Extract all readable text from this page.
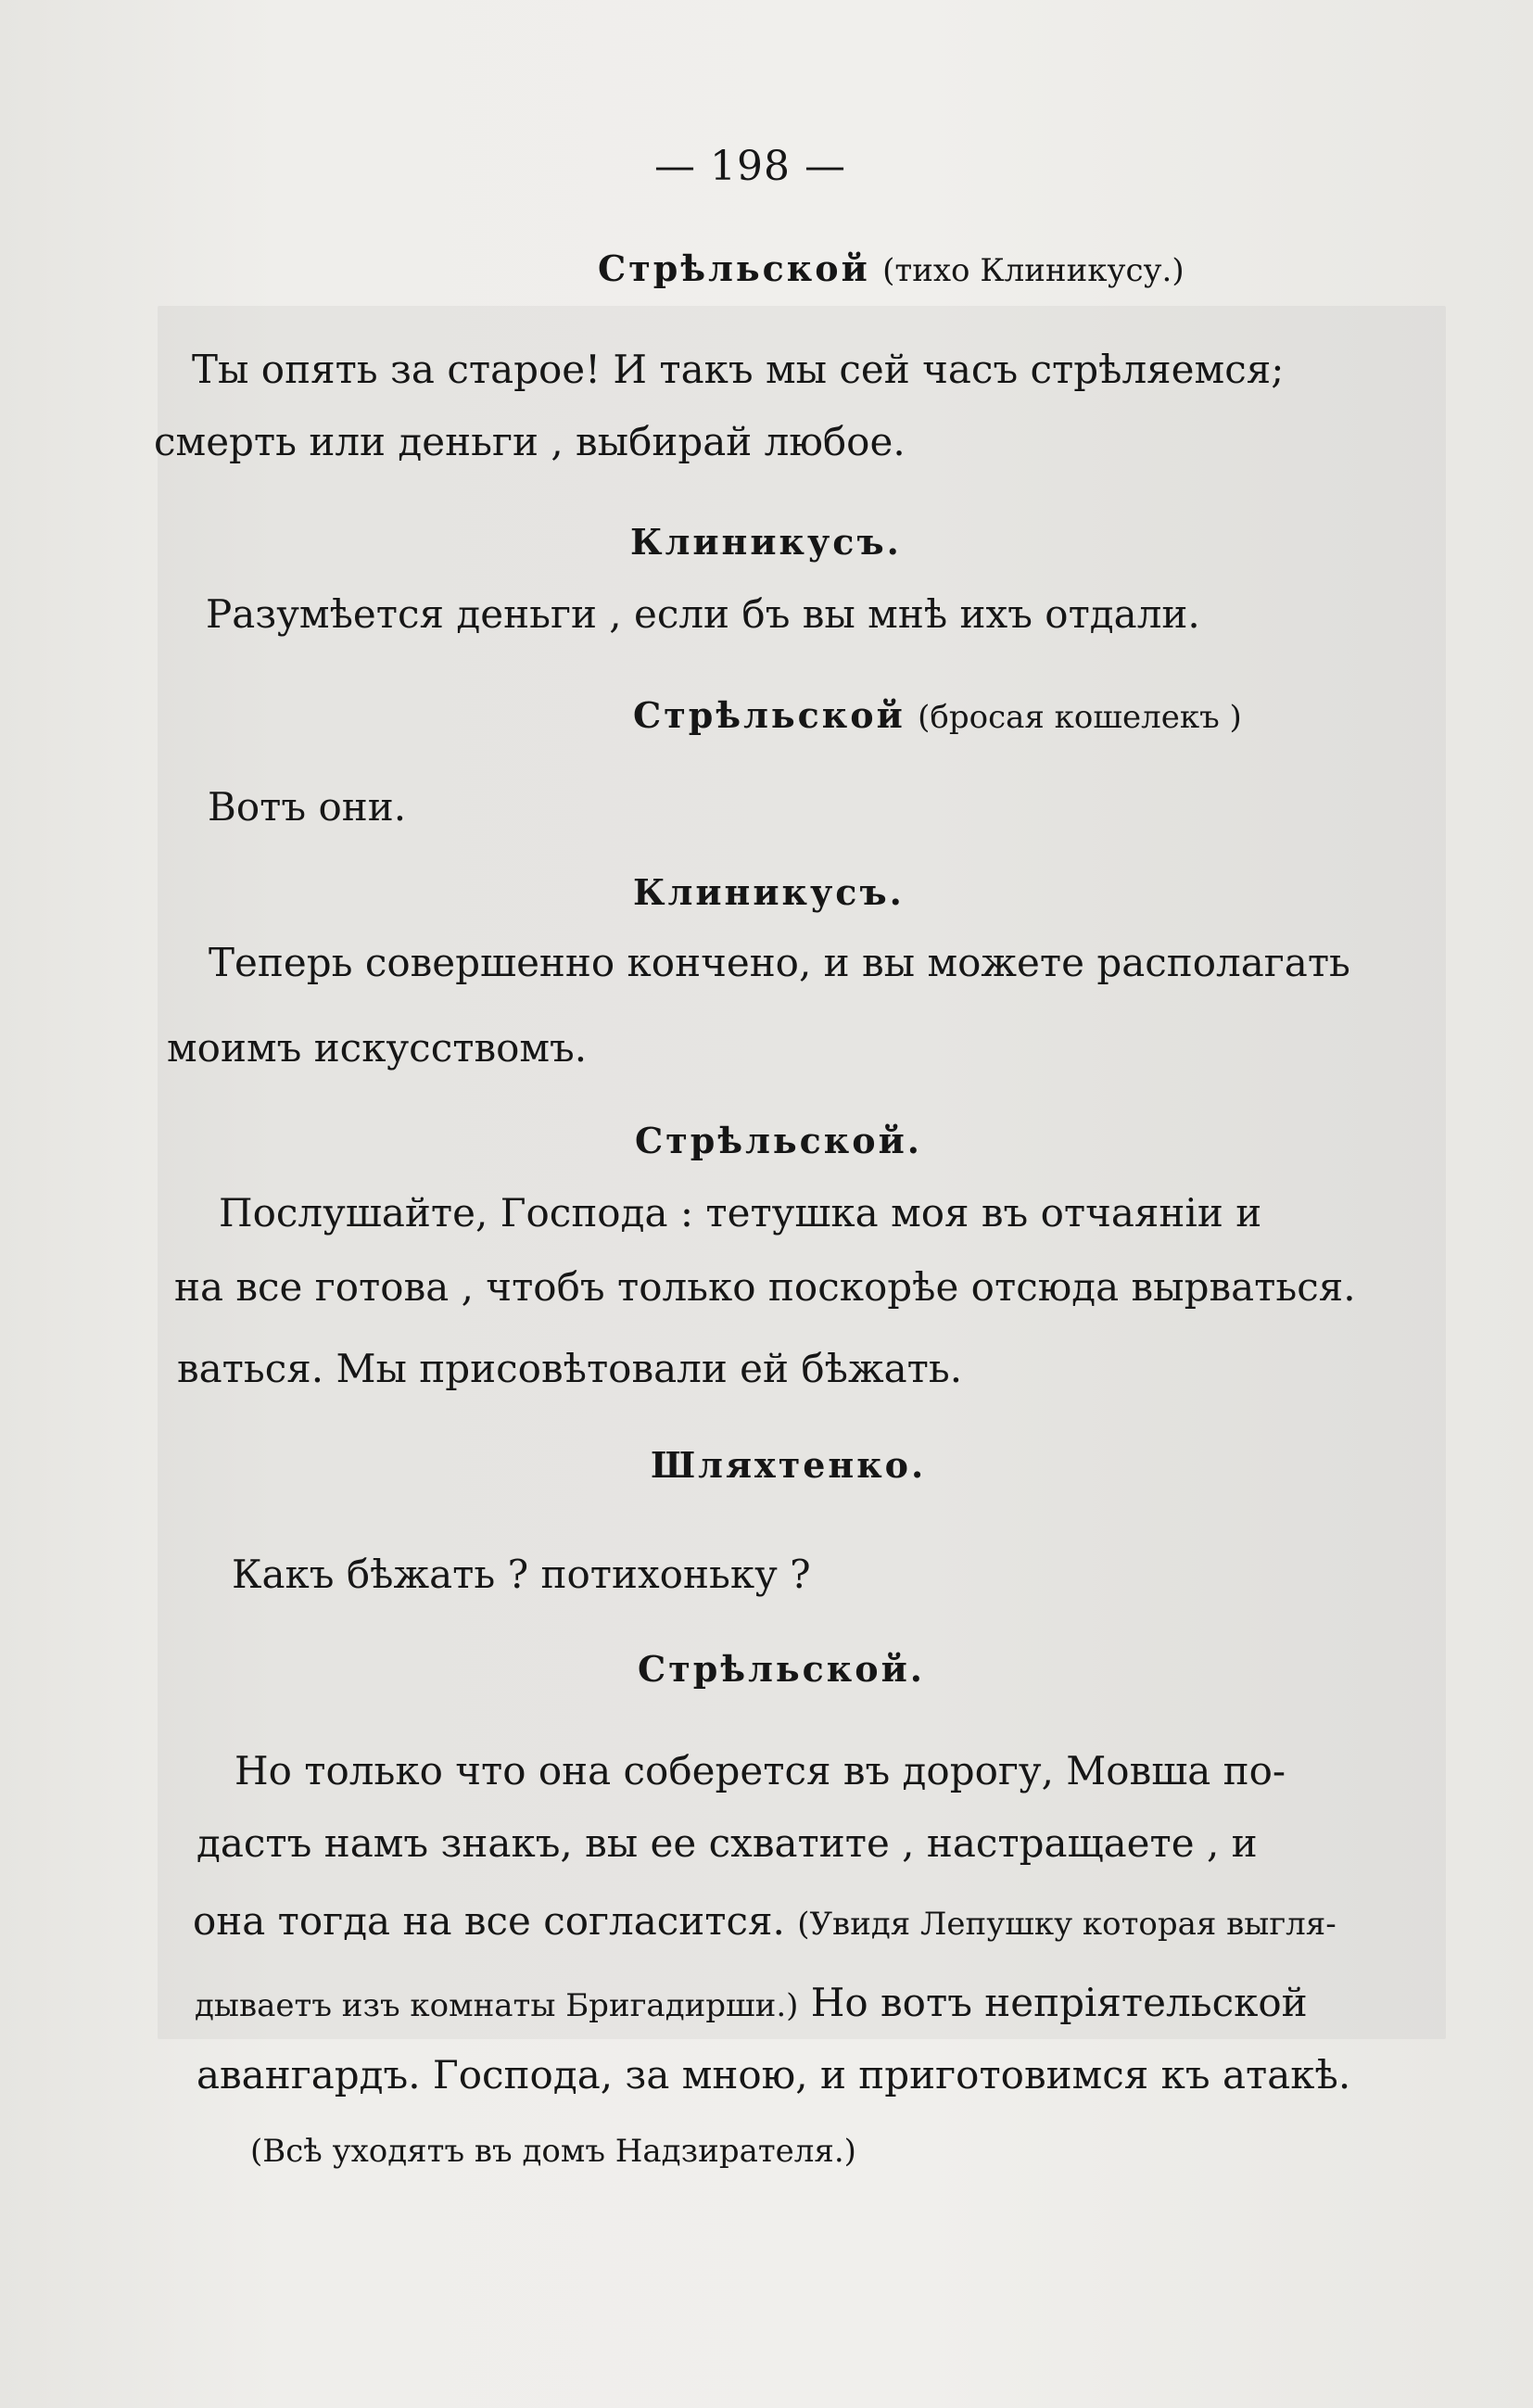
— 198 —
Стрѣльской (тихо Клиникусу.)
Ты опять за старое! И такъ мы сей часъ стрѣляемся;
смерть или деньги , выбирай любое.
Клиникусъ.
Разумѣется деньги , если бъ вы мнѣ ихъ отдали.
Стрѣльской (бросая кошелекъ )
Вотъ они.
Клиникусъ.
Теперь совершенно кончено, и вы можете располагать
моимъ искусствомъ.
Стрѣльской.
Послушайте, Господа : тетушка моя въ отчаяніи и
на все готова , чтобъ только поскорѣе отсюда вырваться.
ваться. Мы присовѣтовали ей бѣжать.
Шляхтенко.
Какъ бѣжать ? потихоньку ?
Стрѣльской.
Но только что она соберется въ дорогу, Мовша по-
дастъ намъ знакъ, вы ее схватите , настращаете , и
она тогда на все согласится. (Увидя Лепушку которая выгля-
дываетъ изъ комнаты Бригадирши.) Но вотъ непріятельской
авангардъ. Господа, за мною, и приготовимся къ атакѣ.
(Всѣ уходятъ въ домъ Надзирателя.)
